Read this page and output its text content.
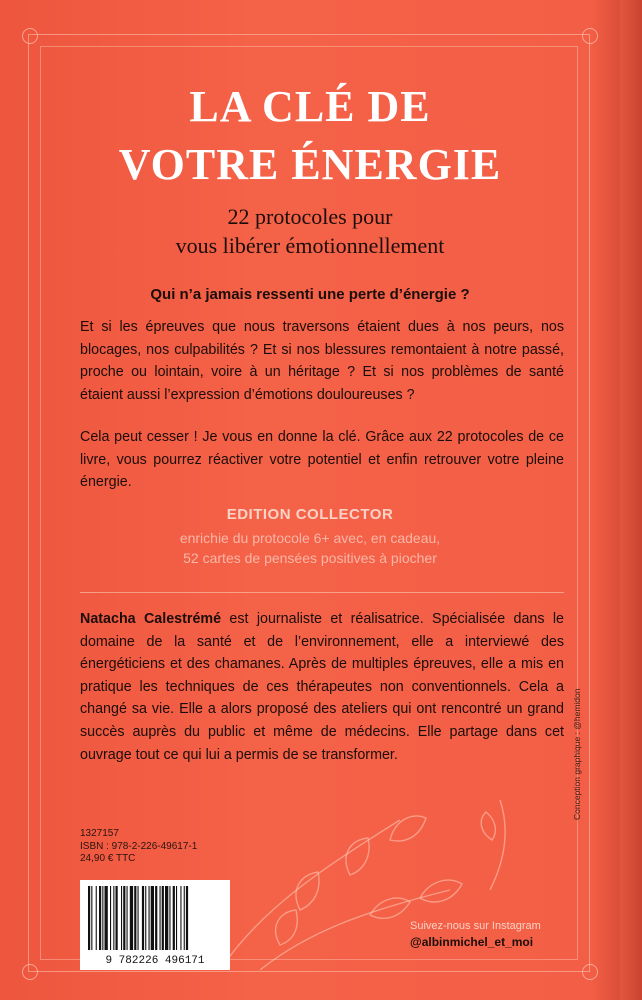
LA CLÉ DE
VOTRE ÉNERGIE
22 protocoles pour
vous libérer émotionnellement
Qui n’a jamais ressenti une perte d’énergie ?
Et si les épreuves que nous traversons étaient dues à nos peurs, nos blocages, nos culpabilités ? Et si nos blessures remontaient à notre passé, proche ou lointain, voire à un héritage ? Et si nos problèmes de santé étaient aussi l’expression d’émotions douloureuses ?
Cela peut cesser ! Je vous en donne la clé. Grâce aux 22 protocoles de ce livre, vous pourrez réactiver votre potentiel et enfin retrouver votre pleine énergie.
EDITION COLLECTOR
enrichie du protocole 6+ avec, en cadeau,
52 cartes de pensées positives à piocher
Natacha Calestrémé est journaliste et réalisatrice. Spécialisée dans le domaine de la santé et de l’environnement, elle a interviewé des énergéticiens et des chamanes. Après de multiples épreuves, elle a mis en pratique les techniques de ces thérapeutes non conventionnels. Cela a changé sa vie. Elle a alors proposé des ateliers qui ont rencontré un grand succès auprès du public et même de médecins. Elle partage dans cet ouvrage tout ce qui lui a permis de se transformer.	Conception graphique : @hemidon
1327157
ISBN : 978-2-226-49617-1
24,90 € TTC
9 782226 496171
Suivez-nous sur Instagram
@albinmichel_et_moi
